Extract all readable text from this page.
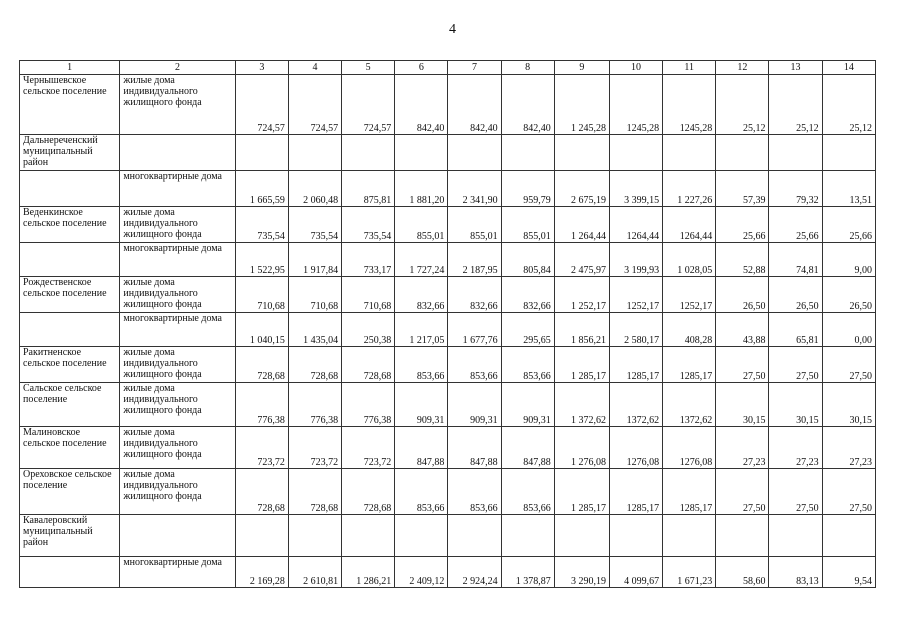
4
1	2	3	4	5	6	7	8	9	10	11	12	13	14
Чернышевское сельское поселение	жилые дома индивидуального жилищного фонда	724,57	724,57	724,57	842,40	842,40	842,40	1 245,28	1245,28	1245,28	25,12	25,12	25,12
Дальнереченский муниципальный район													
	многоквартирные дома	1 665,59	2 060,48	875,81	1 881,20	2 341,90	959,79	2 675,19	3 399,15	1 227,26	57,39	79,32	13,51
Веденкинское сельское поселение	жилые дома индивидуального жилищного фонда	735,54	735,54	735,54	855,01	855,01	855,01	1 264,44	1264,44	1264,44	25,66	25,66	25,66
	многоквартирные дома	1 522,95	1 917,84	733,17	1 727,24	2 187,95	805,84	2 475,97	3 199,93	1 028,05	52,88	74,81	9,00
Рождественское сельское поселение	жилые дома индивидуального жилищного фонда	710,68	710,68	710,68	832,66	832,66	832,66	1 252,17	1252,17	1252,17	26,50	26,50	26,50
	многоквартирные дома	1 040,15	1 435,04	250,38	1 217,05	1 677,76	295,65	1 856,21	2 580,17	408,28	43,88	65,81	0,00
Ракитненское сельское поселение	жилые дома индивидуального жилищного фонда	728,68	728,68	728,68	853,66	853,66	853,66	1 285,17	1285,17	1285,17	27,50	27,50	27,50
Сальское сельское поселение	жилые дома индивидуального жилищного фонда	776,38	776,38	776,38	909,31	909,31	909,31	1 372,62	1372,62	1372,62	30,15	30,15	30,15
Малиновское сельское поселение	жилые дома индивидуального жилищного фонда	723,72	723,72	723,72	847,88	847,88	847,88	1 276,08	1276,08	1276,08	27,23	27,23	27,23
Ореховское сельское поселение	жилые дома индивидуального жилищного фонда	728,68	728,68	728,68	853,66	853,66	853,66	1 285,17	1285,17	1285,17	27,50	27,50	27,50
Кавалеровский муниципальный район													
	многоквартирные дома	2 169,28	2 610,81	1 286,21	2 409,12	2 924,24	1 378,87	3 290,19	4 099,67	1 671,23	58,60	83,13	9,54
